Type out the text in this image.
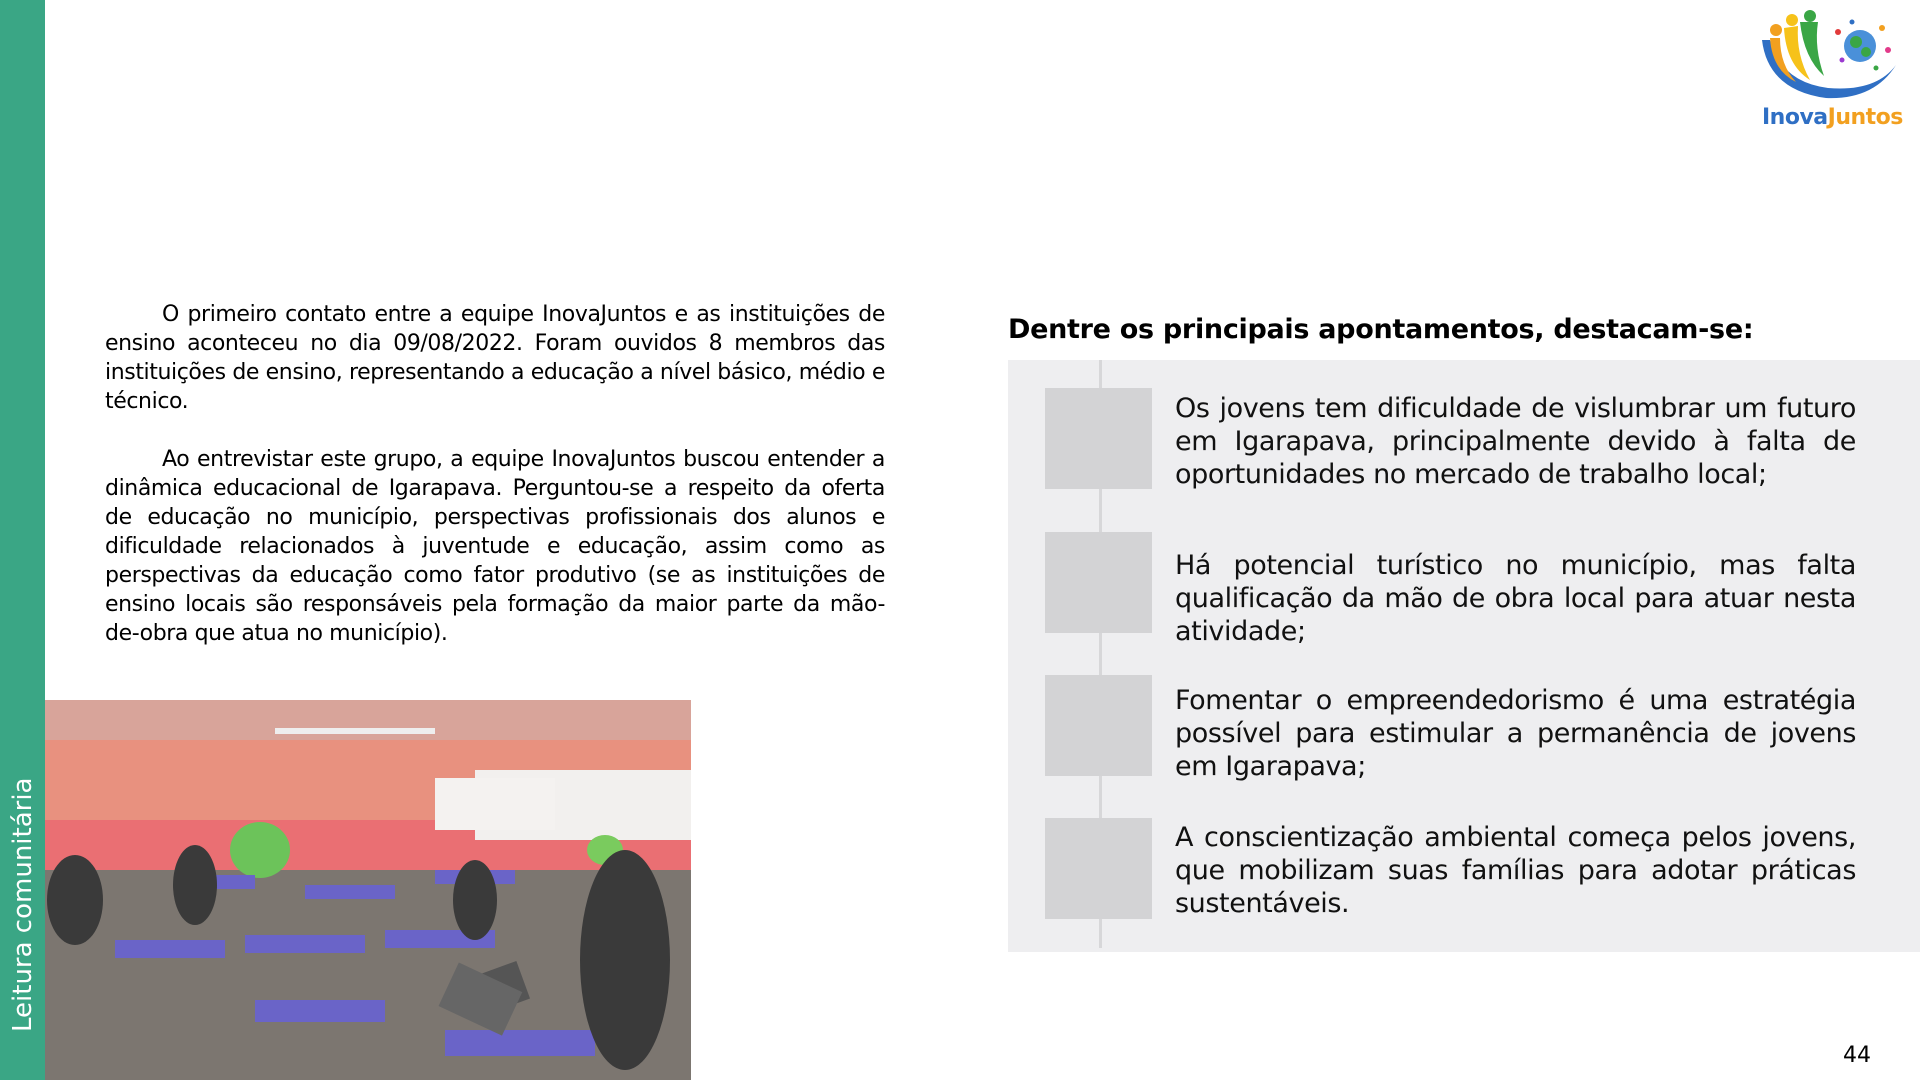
Leitura comunitária
InovaJuntos

O primeiro contato entre a equipe InovaJuntos e as instituições de ensino aconteceu no dia 09/08/2022. Foram ouvidos 8 membros das instituições de ensino, representando a educação a nível básico, médio e técnico.

Ao entrevistar este grupo, a equipe InovaJuntos buscou entender a dinâmica educacional de Igarapava. Perguntou-se a respeito da oferta de educação no município, perspectivas profissionais dos alunos e dificuldade relacionados à juventude e educação, assim como as perspectivas da educação como fator produtivo (se as instituições de ensino locais são responsáveis pela formação da maior parte da mão-de-obra que atua no município).

Dentre os principais apontamentos, destacam-se:
Os jovens tem dificuldade de vislumbrar um futuro em Igarapava, principalmente devido à falta de oportunidades no mercado de trabalho local;
Há potencial turístico no município, mas falta qualificação da mão de obra local para atuar nesta atividade;
Fomentar o empreendedorismo é uma estratégia possível para estimular a permanência de jovens em Igarapava;
A conscientização ambiental começa pelos jovens, que mobilizam suas famílias para adotar práticas sustentáveis.
44
